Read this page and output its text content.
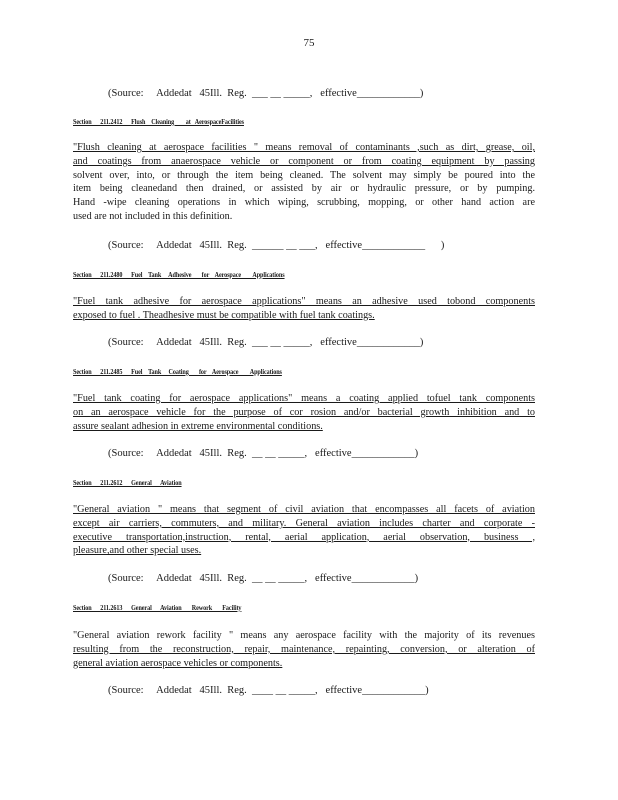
75
(Source:     Addedat   45Ill.  Reg.  ___ __ _____,   effective____________)
Section      211.2412      Flush    Cleaning        at   AerospaceFacilities
"Flush cleaning at aerospace facilities " means removal of contaminants ,such as dirt, grease, oil,
and coatings from anaerospace vehicle or component or from coating equipment by passing
solvent over, into, or through the item being cleaned. The solvent may simply be poured into the
item being cleanedand then drained, or assisted by air or hydraulic pressure, or by pumping.
Hand -wipe cleaning operations in which wiping, scrubbing, mopping, or other hand action are
used are not included in this definition.
(Source:     Addedat   45Ill.  Reg.  ______ __ ___,   effective____________      )
Section      211.2480      Fuel    Tank     Adhesive       for    Aerospace        Applications
"Fuel tank adhesive for aerospace applications" means an adhesive used tobond components
exposed to fuel . Theadhesive must be compatible with fuel tank coatings.
(Source:     Addedat   45Ill.  Reg.  ___ __ _____,   effective____________)
Section      211.2485      Fuel    Tank     Coating       for    Aerospace        Applications
"Fuel tank coating for aerospace applications" means a coating applied tofuel tank components
on an aerospace vehicle for the purpose of cor rosion and/or bacterial growth inhibition and to
assure sealant adhesion in extreme environmental conditions.
(Source:     Addedat   45Ill.  Reg.  __ __ _____,   effective____________)
Section      211.2612      General      Aviation
"General aviation " means that segment of civil aviation that encompasses all facets of aviation
except air carriers, commuters, and military. General aviation includes charter and corporate -
executive transportation,instruction, rental, aerial application, aerial observation, business ,
pleasure,and other special uses.
(Source:     Addedat   45Ill.  Reg.  __ __ _____,   effective____________)
Section      211.2613      General      Aviation       Rework       Facility
"General aviation rework facility " means any aerospace facility with the majority of its revenues
resulting from the reconstruction, repair, maintenance, repainting, conversion, or alteration of
general aviation aerospace vehicles or components.
(Source:     Addedat   45Ill.  Reg.  ____ __ _____,   effective____________)
